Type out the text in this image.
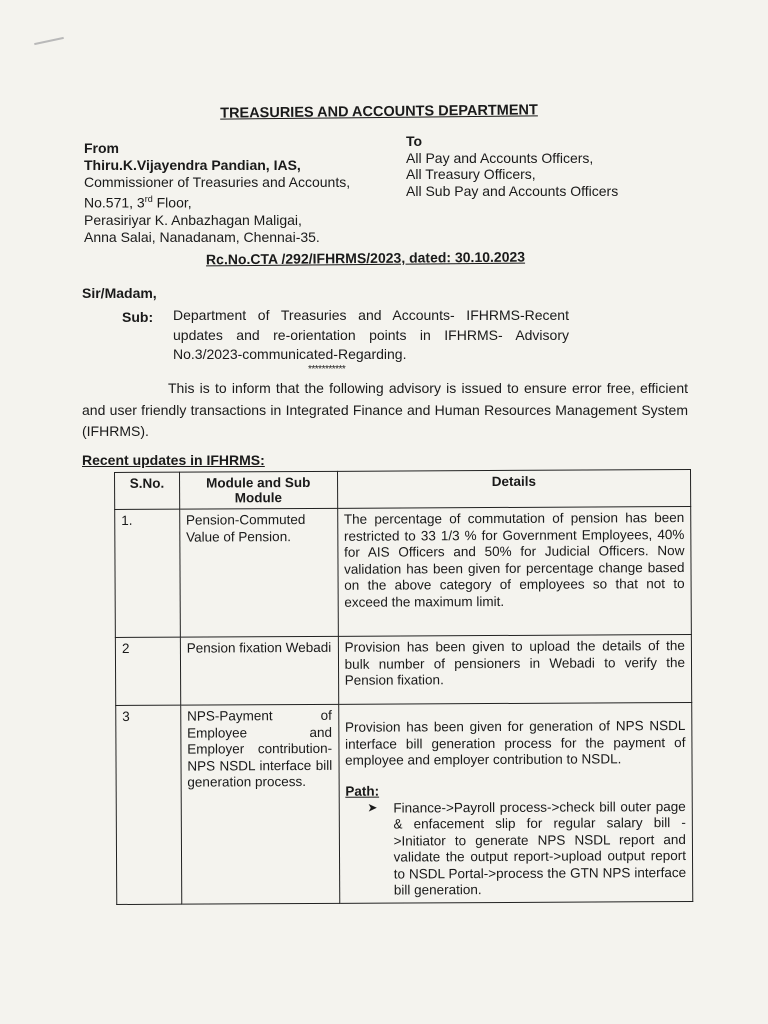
TREASURIES AND ACCOUNTS DEPARTMENT
From
Thiru.K.Vijayendra Pandian, IAS,
Commissioner of Treasuries and Accounts,
No.571, 3rd Floor,
Perasiriyar K. Anbazhagan Maligai,
Anna Salai, Nanadanam, Chennai-35.
To
All Pay and Accounts Officers,
All Treasury Officers,
All Sub Pay and Accounts Officers
Rc.No.CTA /292/IFHRMS/2023, dated: 30.10.2023
Sir/Madam,
Sub: Department of Treasuries and Accounts- IFHRMS-Recent updates and re-orientation points in IFHRMS- Advisory No.3/2023-communicated-Regarding.
***********
This is to inform that the following advisory is issued to ensure error free, efficient and user friendly transactions in Integrated Finance and Human Resources Management System (IFHRMS).
Recent updates in IFHRMS:
S.No.	Module and Sub Module	Details
1.	Pension-Commuted Value of Pension.	The percentage of commutation of pension has been restricted to 33 1/3 % for Government Employees, 40% for AIS Officers and 50% for Judicial Officers. Now validation has been given for percentage change based on the above category of employees so that not to exceed the maximum limit.
2	Pension fixation Webadi	Provision has been given to upload the details of the bulk number of pensioners in Webadi to verify the Pension fixation.
3	NPS-Payment of Employee and Employer contribution-NPS NSDL interface bill generation process.	Provision has been given for generation of NPS NSDL interface bill generation process for the payment of employee and employer contribution to NSDL.
Path:
➤ Finance->Payroll process->check bill outer page & enfacement slip for regular salary bill ->Initiator to generate NPS NSDL report and validate the output report->upload output report to NSDL Portal->process the GTN NPS interface bill generation.
